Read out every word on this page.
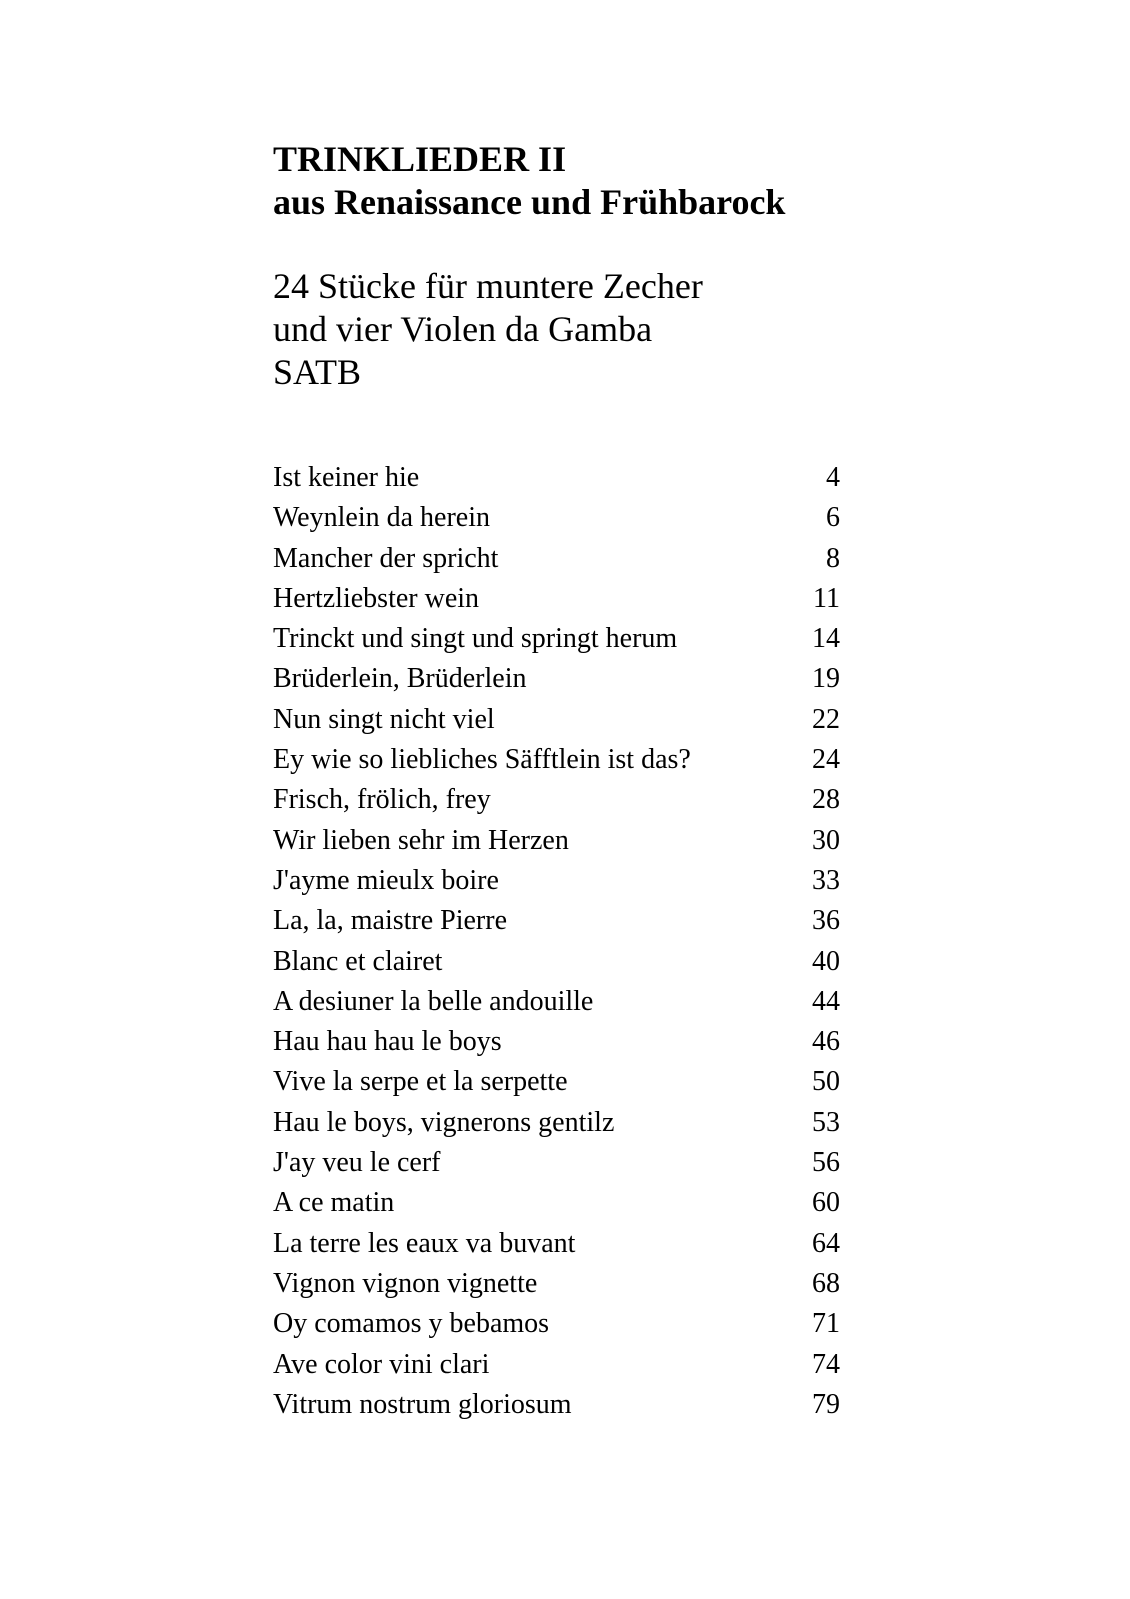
TRINKLIEDER II
aus Renaissance und Frühbarock
24 Stücke für muntere Zecher
und vier Violen da Gamba
SATB
Ist keiner hie	4
Weynlein da herein	6
Mancher der spricht	8
Hertzliebster wein	11
Trinckt und singt und springt herum	14
Brüderlein, Brüderlein	19
Nun singt nicht viel	22
Ey wie so liebliches Säfftlein ist das?	24
Frisch, frölich, frey	28
Wir lieben sehr im Herzen	30
J'ayme mieulx boire	33
La, la, maistre Pierre	36
Blanc et clairet	40
A desiuner la belle andouille	44
Hau hau hau le boys	46
Vive la serpe et la serpette	50
Hau le boys, vignerons gentilz	53
J'ay veu le cerf	56
A ce matin	60
La terre les eaux va buvant	64
Vignon vignon vignette	68
Oy comamos y bebamos	71
Ave color vini clari	74
Vitrum nostrum gloriosum	79
